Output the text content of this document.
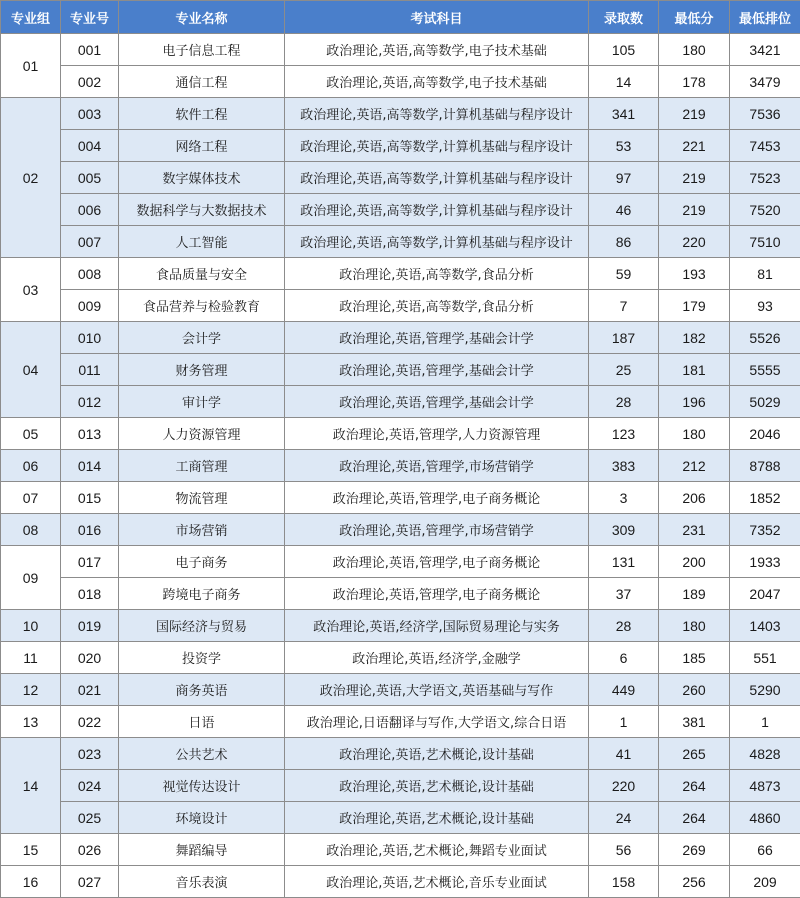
专业组	专业号	专业名称	考试科目	录取数	最低分	最低排位
01	001	电子信息工程	政治理论,英语,高等数学,电子技术基础	105	180	3421
	002	通信工程	政治理论,英语,高等数学,电子技术基础	14	178	3479
02	003	软件工程	政治理论,英语,高等数学,计算机基础与程序设计	341	219	7536
	004	网络工程	政治理论,英语,高等数学,计算机基础与程序设计	53	221	7453
	005	数字媒体技术	政治理论,英语,高等数学,计算机基础与程序设计	97	219	7523
	006	数据科学与大数据技术	政治理论,英语,高等数学,计算机基础与程序设计	46	219	7520
	007	人工智能	政治理论,英语,高等数学,计算机基础与程序设计	86	220	7510
03	008	食品质量与安全	政治理论,英语,高等数学,食品分析	59	193	81
	009	食品营养与检验教育	政治理论,英语,高等数学,食品分析	7	179	93
04	010	会计学	政治理论,英语,管理学,基础会计学	187	182	5526
	011	财务管理	政治理论,英语,管理学,基础会计学	25	181	5555
	012	审计学	政治理论,英语,管理学,基础会计学	28	196	5029
05	013	人力资源管理	政治理论,英语,管理学,人力资源管理	123	180	2046
06	014	工商管理	政治理论,英语,管理学,市场营销学	383	212	8788
07	015	物流管理	政治理论,英语,管理学,电子商务概论	3	206	1852
08	016	市场营销	政治理论,英语,管理学,市场营销学	309	231	7352
09	017	电子商务	政治理论,英语,管理学,电子商务概论	131	200	1933
	018	跨境电子商务	政治理论,英语,管理学,电子商务概论	37	189	2047
10	019	国际经济与贸易	政治理论,英语,经济学,国际贸易理论与实务	28	180	1403
11	020	投资学	政治理论,英语,经济学,金融学	6	185	551
12	021	商务英语	政治理论,英语,大学语文,英语基础与写作	449	260	5290
13	022	日语	政治理论,日语翻译与写作,大学语文,综合日语	1	381	1
14	023	公共艺术	政治理论,英语,艺术概论,设计基础	41	265	4828
	024	视觉传达设计	政治理论,英语,艺术概论,设计基础	220	264	4873
	025	环境设计	政治理论,英语,艺术概论,设计基础	24	264	4860
15	026	舞蹈编导	政治理论,英语,艺术概论,舞蹈专业面试	56	269	66
16	027	音乐表演	政治理论,英语,艺术概论,音乐专业面试	158	256	209
